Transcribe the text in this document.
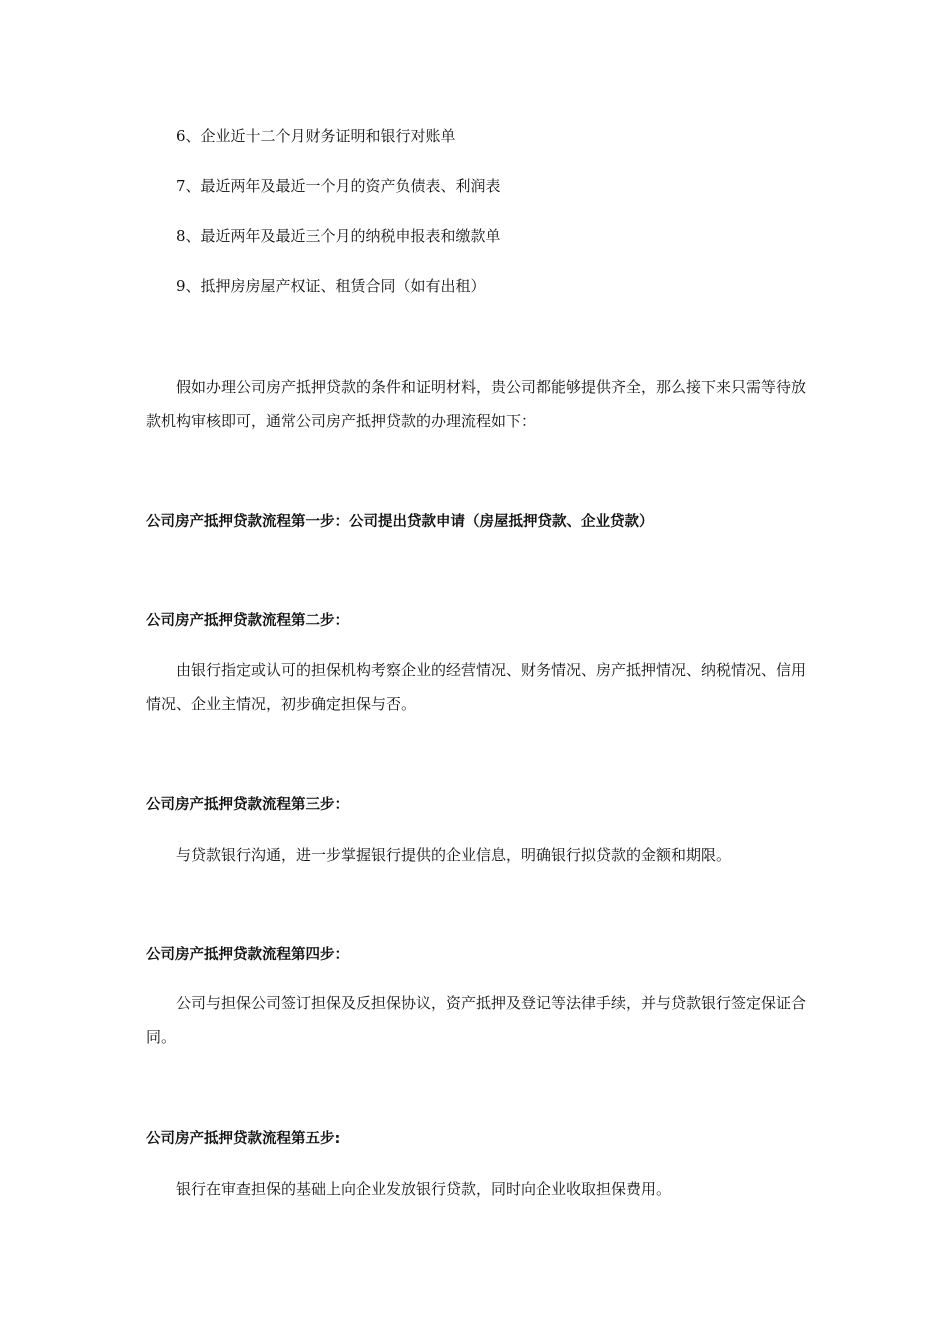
6、企业近十二个月财务证明和银行对账单

7、最近两年及最近一个月的资产负债表、利润表

8、最近两年及最近三个月的纳税申报表和缴款单

9、抵押房房屋产权证、租赁合同（如有出租）

假如办理公司房产抵押贷款的条件和证明材料，贵公司都能够提供齐全，那么接下来只需等待放款机构审核即可，通常公司房产抵押贷款的办理流程如下：

公司房产抵押贷款流程第一步：公司提出贷款申请（房屋抵押贷款、企业贷款）

公司房产抵押贷款流程第二步：

由银行指定或认可的担保机构考察企业的经营情况、财务情况、房产抵押情况、纳税情况、信用情况、企业主情况，初步确定担保与否。

公司房产抵押贷款流程第三步：

与贷款银行沟通，进一步掌握银行提供的企业信息，明确银行拟贷款的金额和期限。

公司房产抵押贷款流程第四步：

公司与担保公司签订担保及反担保协议，资产抵押及登记等法律手续，并与贷款银行签定保证合同。

公司房产抵押贷款流程第五步:

银行在审查担保的基础上向企业发放银行贷款，同时向企业收取担保费用。
